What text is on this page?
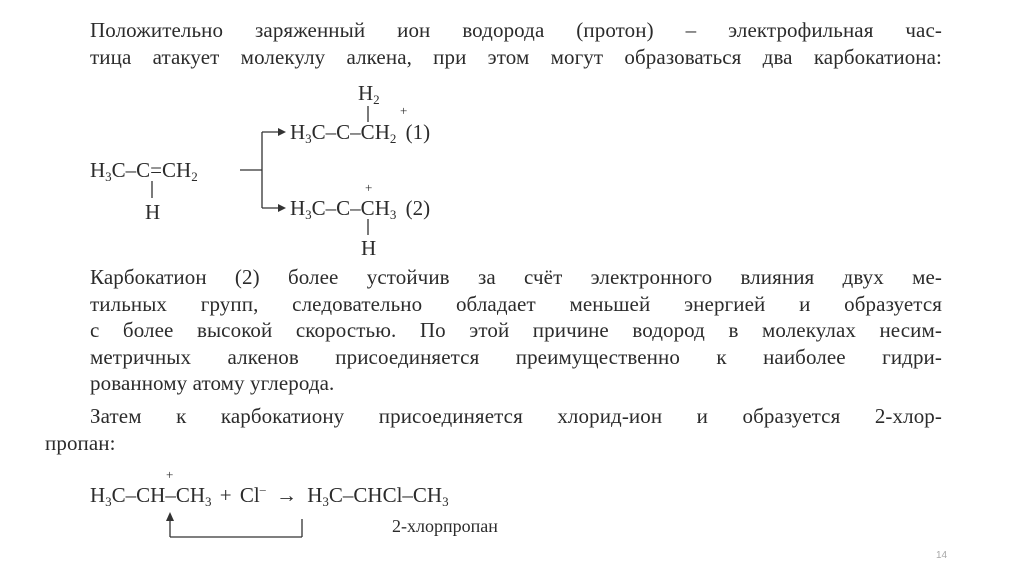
Положительно заряженный ион водорода (протон) – электрофильная час-
тица атакует молекулу алкена, при этом могут образоваться два карбокатиона:
$H_3C-C=CH_2$
H
$H_2$
+
$H_3C-C-CH_2$ (1)
+
$H_3C-C-CH_3$ (2)
H
Карбокатион (2) более устойчив за счёт электронного влияния двух ме-
тильных групп, следовательно обладает меньшей энергией и образуется
с более высокой скоростью. По этой причине водород в молекулах несим-
метричных алкенов присоединяется преимущественно к наиболее гидри-
рованному атому углерода.
Затем к карбокатиону присоединяется хлорид-ион и образуется 2-хлор-
пропан:
+
$H_3C-CH-CH_3 + Cl^-$ → $H_3C-CHCl-CH_3$
2-хлорпропан
14
